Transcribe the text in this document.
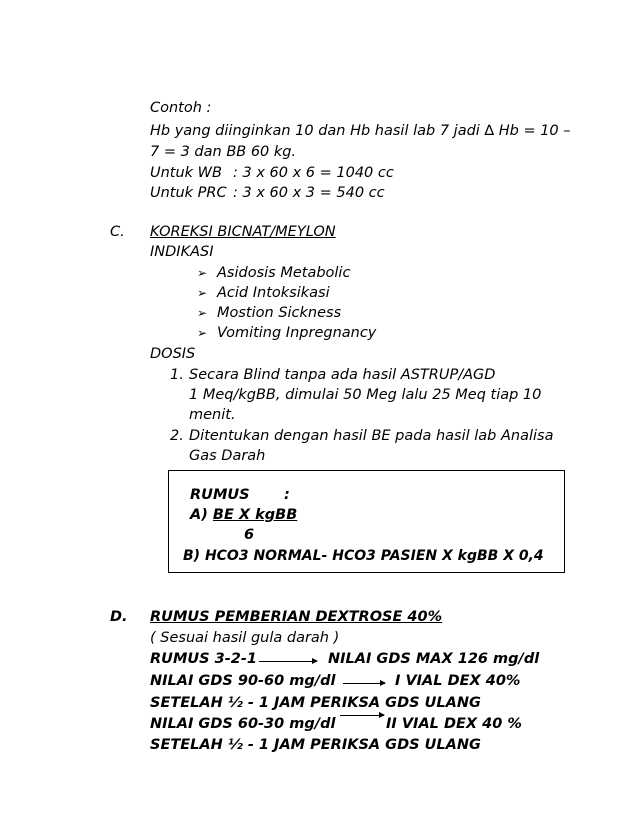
Contoh :
Hb yang diinginkan 10 dan Hb hasil lab 7 jadi ∆ Hb = 10 –
7 = 3 dan BB 60 kg.
Untuk WB : 3 x 60 x 6 = 1040 cc
Untuk PRC : 3 x 60 x 3 = 540 cc
C. KOREKSI BICNAT/MEYLON
INDIKASI
➢ Asidosis Metabolic
➢ Acid Intoksikasi
➢ Mostion Sickness
➢ Vomiting Inpregnancy
DOSIS
1. Secara Blind tanpa ada hasil ASTRUP/AGD
1 Meq/kgBB, dimulai 50 Meg lalu 25 Meq tiap 10
menit.
2. Ditentukan dengan hasil BE pada hasil lab Analisa
Gas Darah
RUMUS :
A) BE X kgBB
6
B) HCO3 NORMAL- HCO3 PASIEN X kgBB X 0,4
D. RUMUS PEMBERIAN DEXTROSE 40%
( Sesuai hasil gula darah )
RUMUS 3-2-1	NILAI GDS MAX 126 mg/dl
NILAI GDS 90-60 mg/dl	I VIAL DEX 40%
SETELAH ½ - 1 JAM PERIKSA GDS ULANG
NILAI GDS 60-30 mg/dl	II VIAL DEX 40 %
SETELAH ½ - 1 JAM PERIKSA GDS ULANG
